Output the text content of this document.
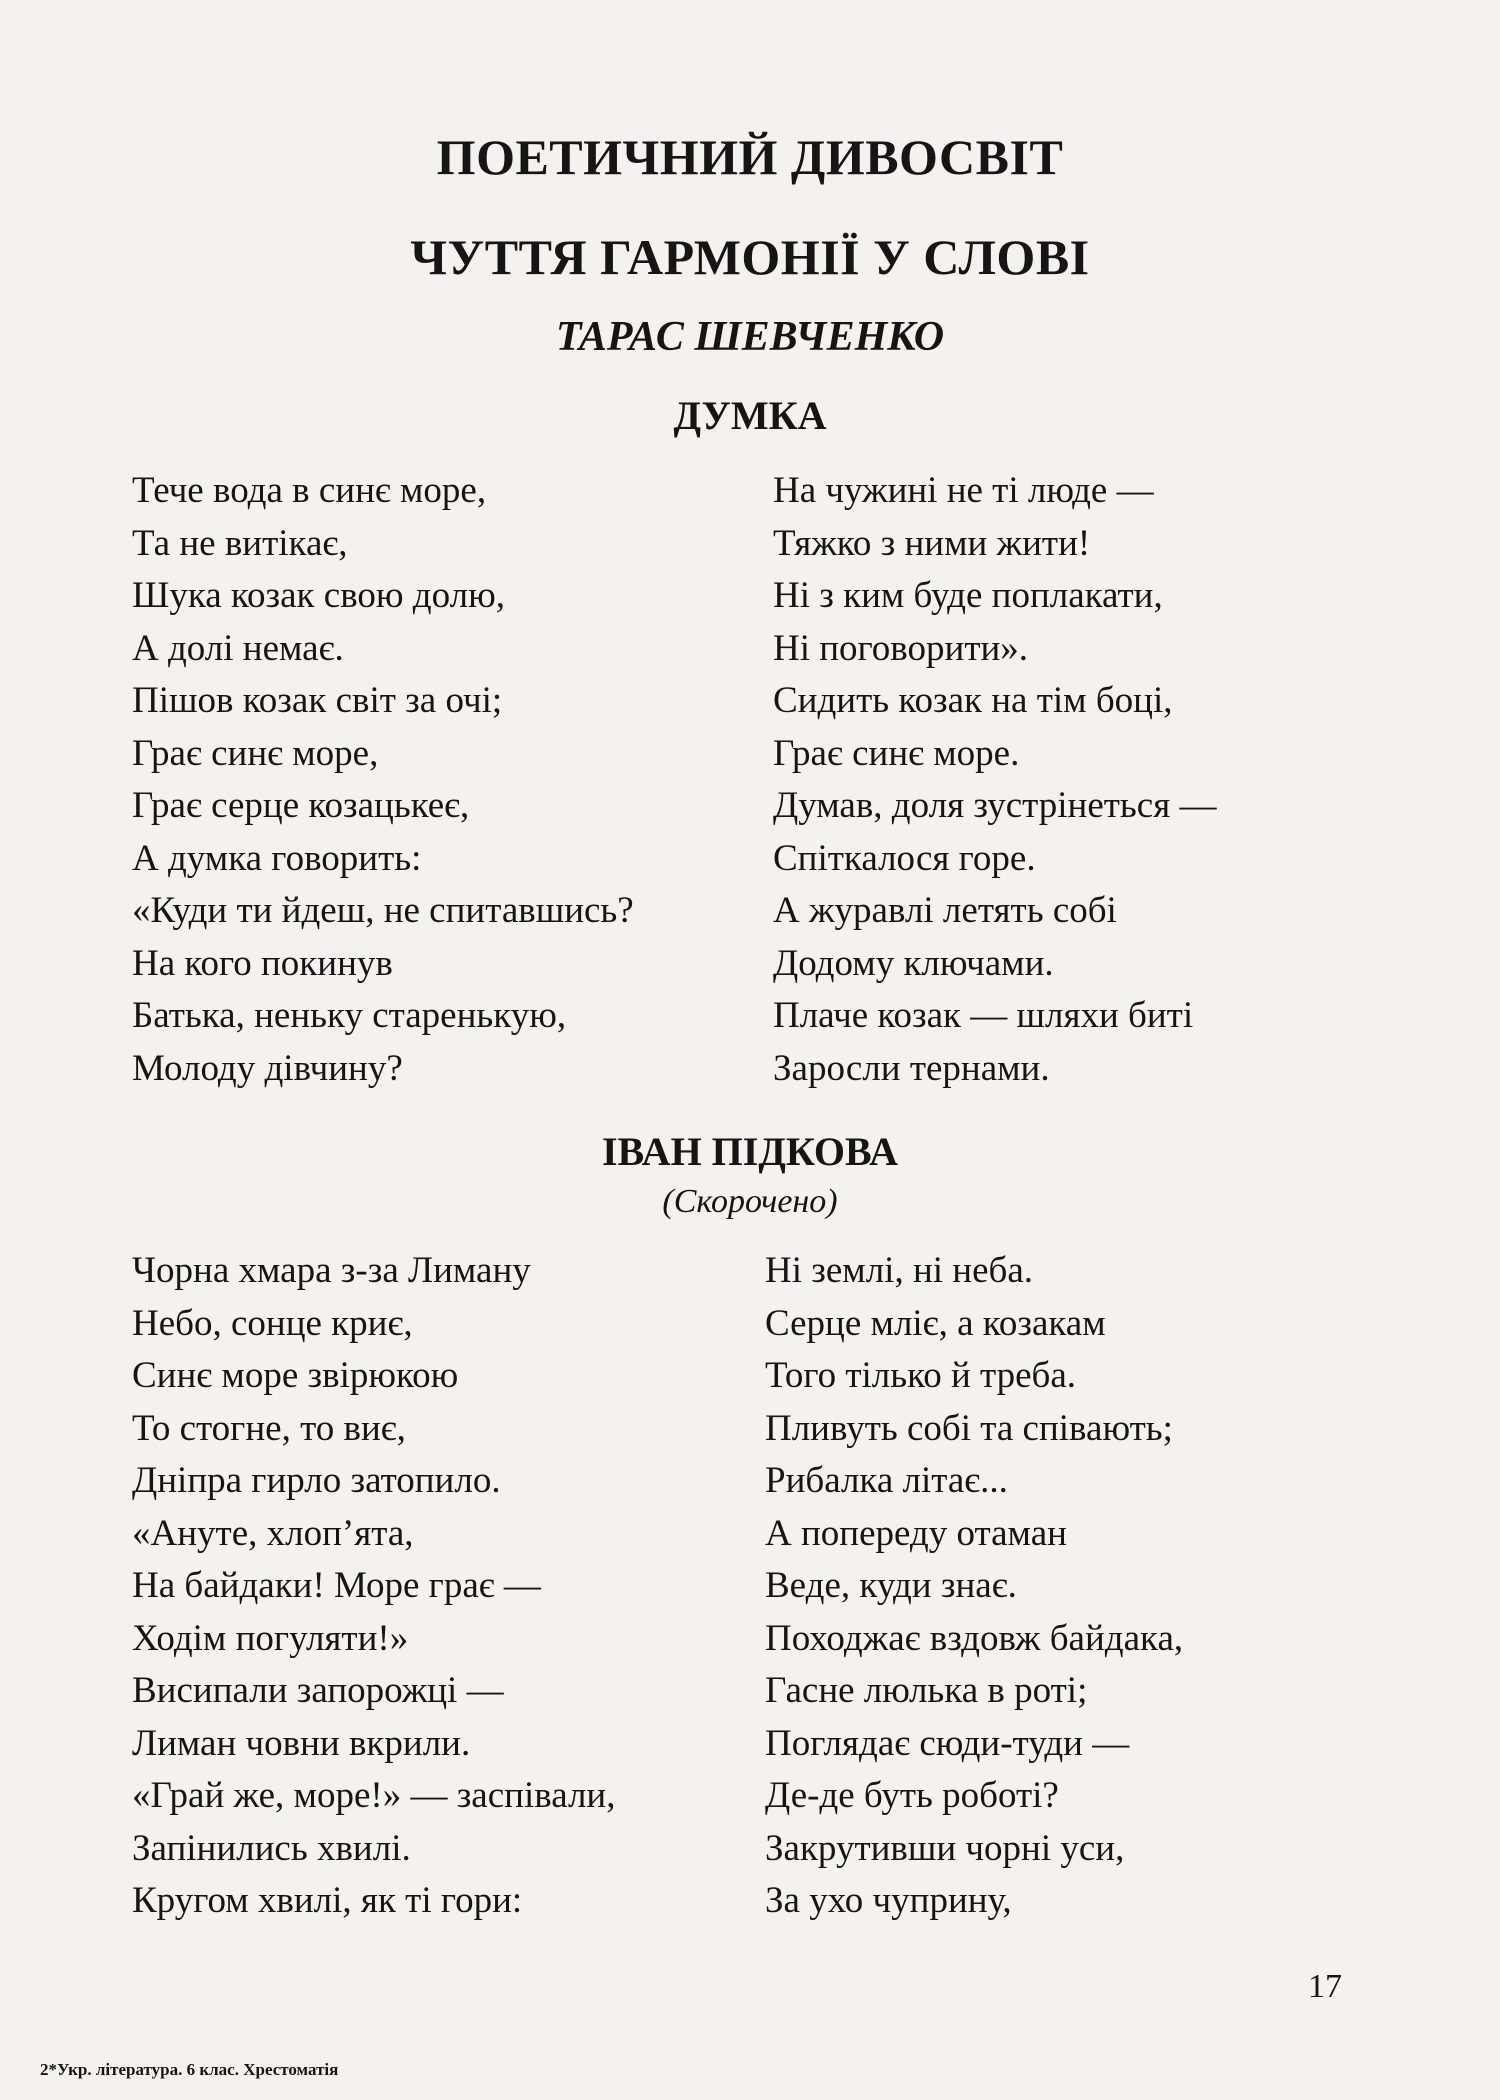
ПОЕТИЧНИЙ ДИВОСВІТ
ЧУТТЯ ГАРМОНІЇ У СЛОВІ
ТАРАС ШЕВЧЕНКО
ДУМКА
Тече вода в синє море,
Та не витікає,
Шука козак свою долю,
А долі немає.
Пішов козак світ за очі;
Грає синє море,
Грає серце козацькеє,
А думка говорить:
«Куди ти йдеш, не спитавшись?
На кого покинув
Батька, неньку старенькую,
Молоду дівчину?
На чужині не ті люде —
Тяжко з ними жити!
Ні з ким буде поплакати,
Ні поговорити».
Сидить козак на тім боці,
Грає синє море.
Думав, доля зустрінеться —
Спіткалося горе.
А журавлі летять собі
Додому ключами.
Плаче козак — шляхи биті
Заросли тернами.
ІВАН ПІДКОВА
(Скорочено)
Чорна хмара з-за Лиману
Небо, сонце криє,
Синє море звірюкою
То стогне, то виє,
Дніпра гирло затопило.
«Ануте, хлоп’ята,
На байдаки! Море грає —
Ходім погуляти!»
Висипали запорожці —
Лиман човни вкрили.
«Грай же, море!» — заспівали,
Запінились хвилі.
Кругом хвилі, як ті гори:
Ні землі, ні неба.
Серце мліє, а козакам
Того тілько й треба.
Пливуть собі та співають;
Рибалка літає...
А попереду отаман
Веде, куди знає.
Походжає вздовж байдака,
Гасне люлька в роті;
Поглядає сюди-туди —
Де-де буть роботі?
Закрутивши чорні уси,
За ухо чуприну,
17
2*Укр. література. 6 клас. Хрестоматія
